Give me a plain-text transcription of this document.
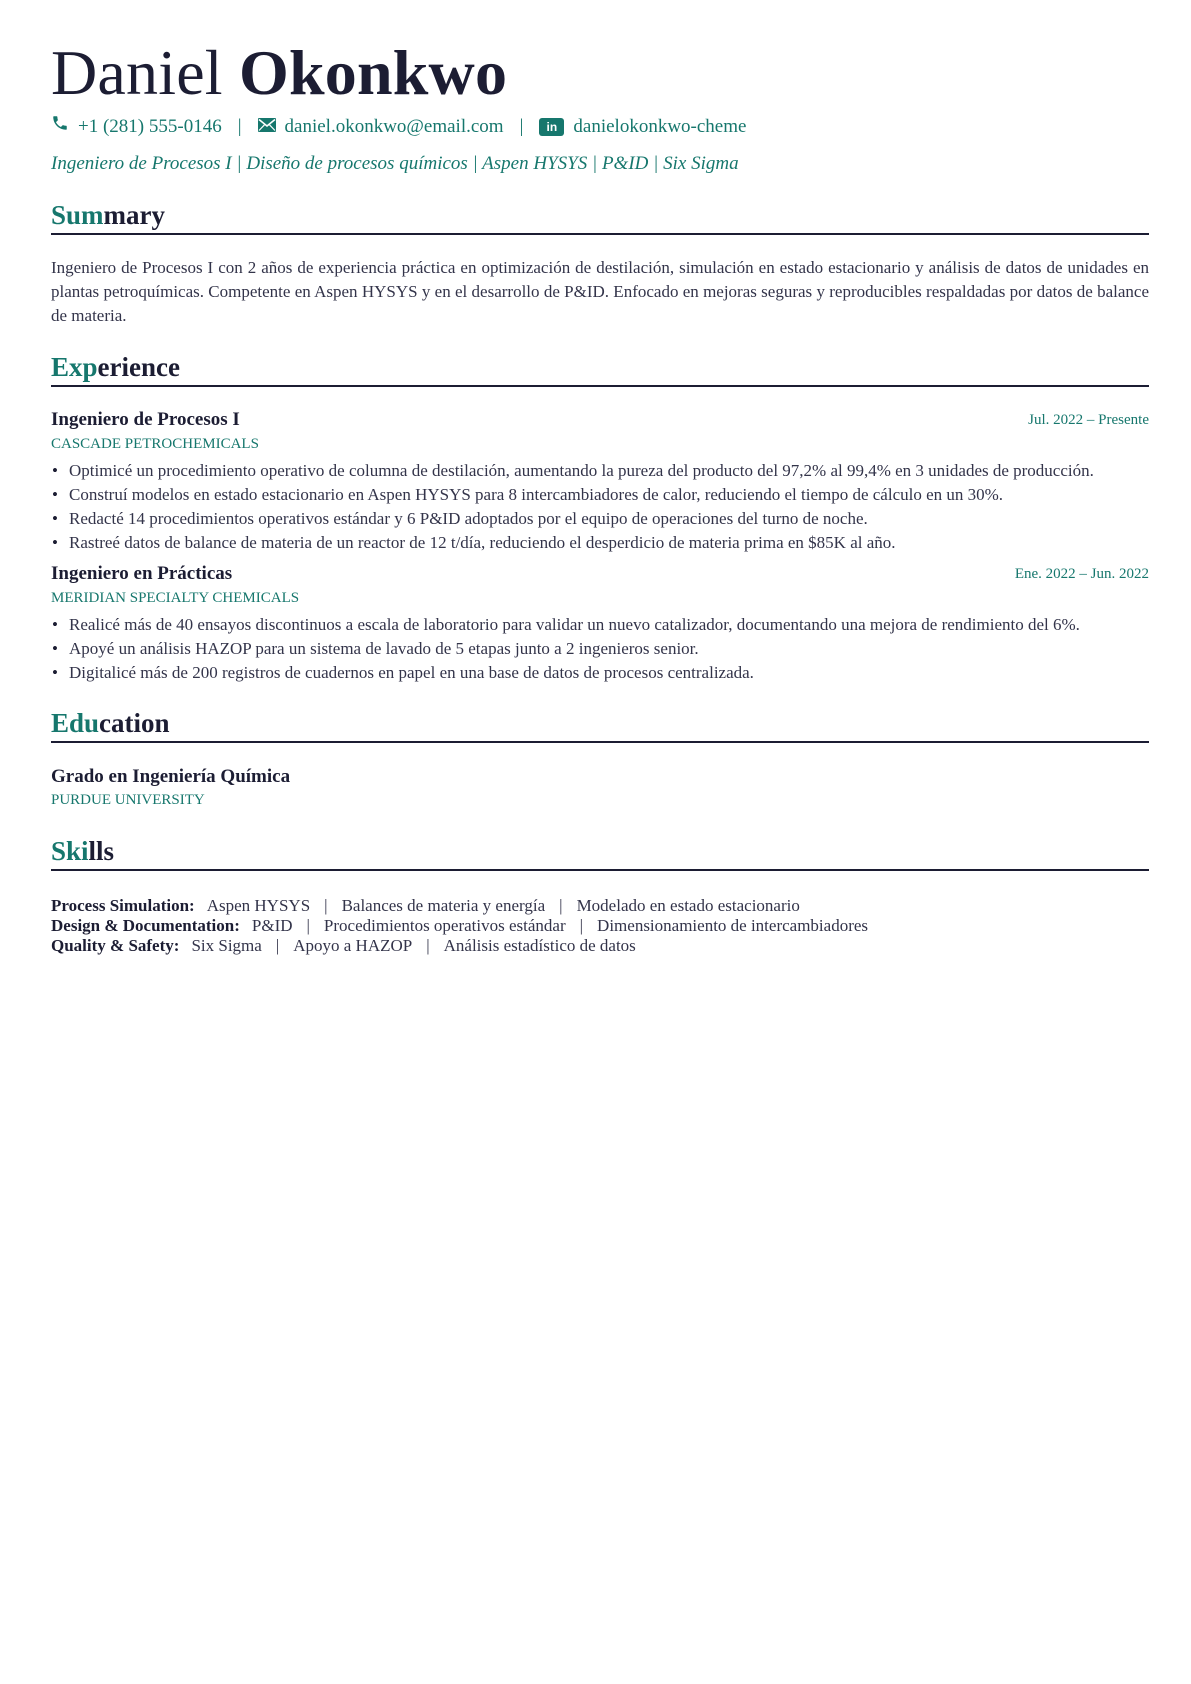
Daniel Okonkwo
+1 (281) 555-0146 | daniel.okonkwo@email.com |	in danielokonkwo-cheme
Ingeniero de Procesos I | Diseño de procesos químicos | Aspen HYSYS | P&ID | Six Sigma
Summary
Ingeniero de Procesos I con 2 años de experiencia práctica en optimización de destilación, simulación en estado estacionario y análisis de datos de unidades en plantas petroquímicas. Competente en Aspen HYSYS y en el desarrollo de P&ID. Enfocado en mejoras seguras y reproducibles respaldadas por datos de balance de materia.
Experience
Ingeniero de Procesos I	Jul. 2022 – Presente
CASCADE PETROCHEMICALS
• Optimicé un procedimiento operativo de columna de destilación, aumentando la pureza del producto del 97,2% al 99,4% en 3 unidades de producción.
• Construí modelos en estado estacionario en Aspen HYSYS para 8 intercambiadores de calor, reduciendo el tiempo de cálculo en un 30%.
• Redacté 14 procedimientos operativos estándar y 6 P&ID adoptados por el equipo de operaciones del turno de noche.
• Rastreé datos de balance de materia de un reactor de 12 t/día, reduciendo el desperdicio de materia prima en $85K al año.
Ingeniero en Prácticas	Ene. 2022 – Jun. 2022
MERIDIAN SPECIALTY CHEMICALS
• Realicé más de 40 ensayos discontinuos a escala de laboratorio para validar un nuevo catalizador, documentando una mejora de rendimiento del 6%.
• Apoyé un análisis HAZOP para un sistema de lavado de 5 etapas junto a 2 ingenieros senior.
• Digitalicé más de 200 registros de cuadernos en papel en una base de datos de procesos centralizada.
Education
Grado en Ingeniería Química
PURDUE UNIVERSITY
Skills
Process Simulation: Aspen HYSYS | Balances de materia y energía | Modelado en estado estacionario
Design & Documentation: P&ID | Procedimientos operativos estándar | Dimensionamiento de intercambiadores
Quality & Safety: Six Sigma | Apoyo a HAZOP | Análisis estadístico de datos
